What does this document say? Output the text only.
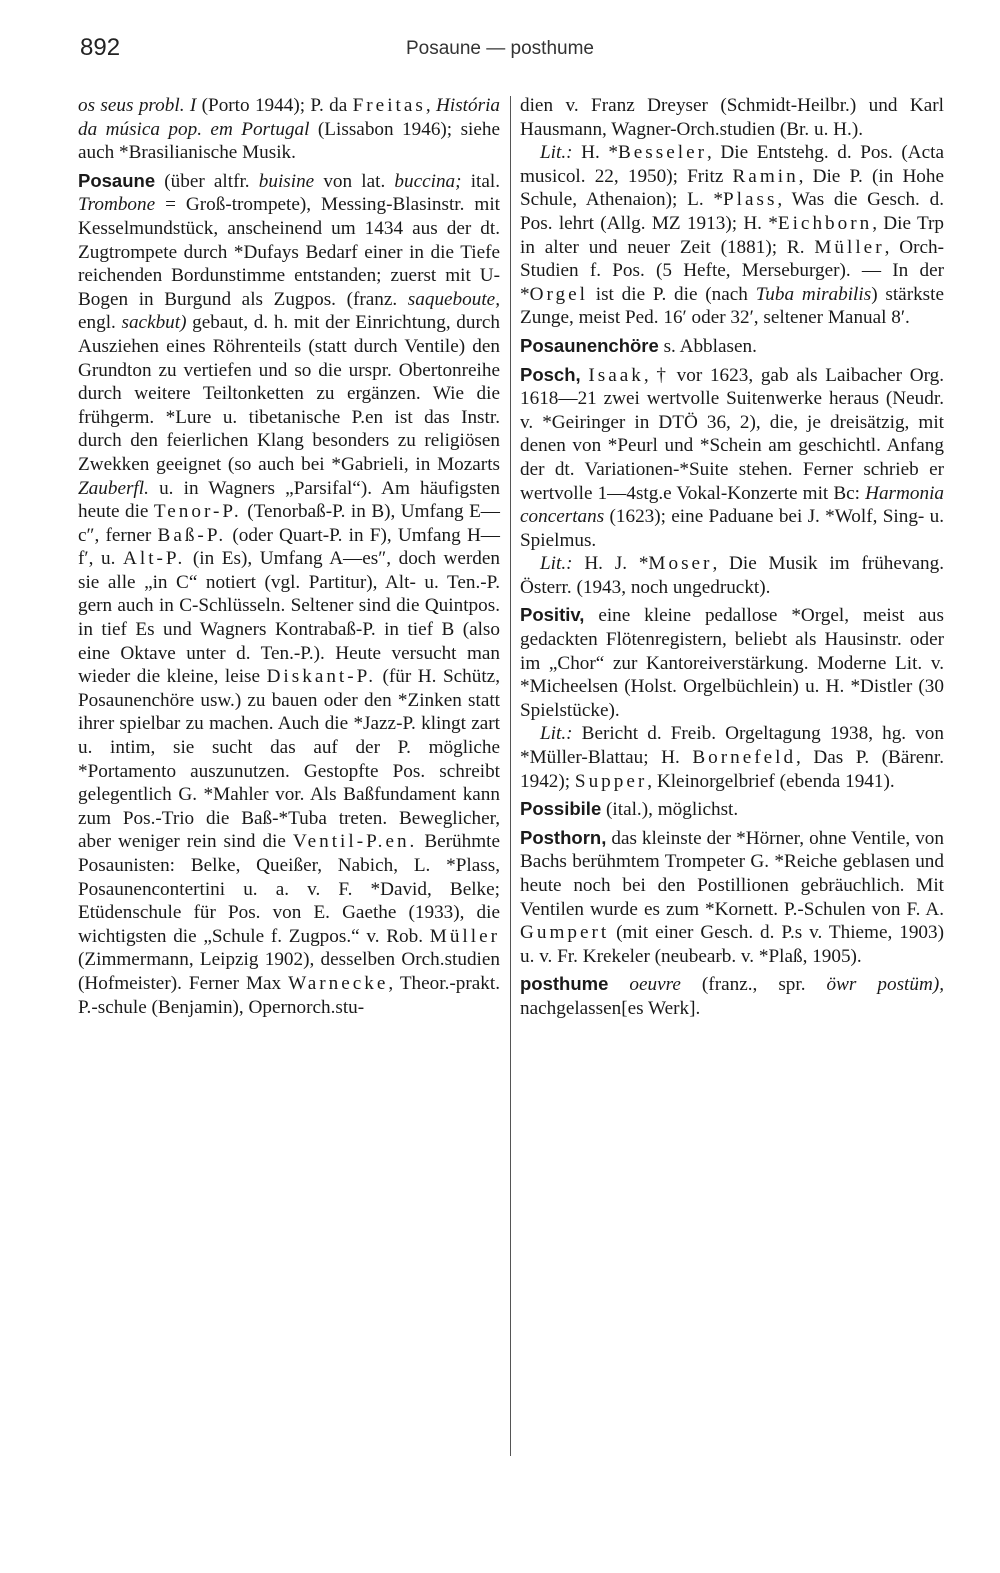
892	Posaune — posthume

os seus probl. I (Porto 1944); P. da Freitas, História da música pop. em Portugal (Lissabon 1946); siehe auch *Brasilianische Musik.

Posaune (über altfr. buisine von lat. buccina; ital. Trombone = Groß-trompete), Messing-Blasinstr. mit Kesselmundstück, anscheinend um 1434 aus der dt. Zugtrompete durch *Dufays Bedarf einer in die Tiefe reichenden Bordunstimme entstanden; zuerst mit U-Bogen in Burgund als Zugpos. (franz. saqueboute, engl. sackbut) gebaut, d. h. mit der Einrichtung, durch Ausziehen eines Röhrenteils (statt durch Ventile) den Grundton zu vertiefen und so die urspr. Obertonreihe durch weitere Teiltonketten zu ergänzen. Wie die frühgerm. *Lure u. tibetanische P.en ist das Instr. durch den feierlichen Klang besonders zu religiösen Zwekken geeignet (so auch bei *Gabrieli, in Mozarts Zauberfl. u. in Wagners „Parsifal“). Am häufigsten heute die Tenor-P. (Tenorbaß-P. in B), Umfang E—c″, ferner Baß-P. (oder Quart-P. in F), Umfang H—f′, u. Alt-P. (in Es), Umfang A—es″, doch werden sie alle „in C“ notiert (vgl. Partitur), Alt- u. Ten.-P. gern auch in C-Schlüsseln. Seltener sind die Quintpos. in tief Es und Wagners Kontrabaß-P. in tief B (also eine Oktave unter d. Ten.-P.). Heute versucht man wieder die kleine, leise Diskant-P. (für H. Schütz, Posaunenchöre usw.) zu bauen oder den *Zinken statt ihrer spielbar zu machen. Auch die *Jazz-P. klingt zart u. intim, sie sucht das auf der P. mögliche *Portamento auszunutzen. Gestopfte Pos. schreibt gelegentlich G. *Mahler vor. Als Baßfundament kann zum Pos.-Trio die Baß-*Tuba treten. Beweglicher, aber weniger rein sind die Ventil-P.en. Berühmte Posaunisten: Belke, Queißer, Nabich, L. *Plass, Posaunencontertini u. a. v. F. *David, Belke; Etüdenschule für Pos. von E. Gaethe (1933), die wichtigsten die „Schule f. Zugpos.“ v. Rob. Müller (Zimmermann, Leipzig 1902), desselben Orch.studien (Hofmeister). Ferner Max Warnecke, Theor.-prakt. P.-schule (Benjamin), Opernorch.stu-

dien v. Franz Dreyser (Schmidt-Heilbr.) und Karl Hausmann, Wagner-Orch.studien (Br. u. H.).

Lit.: H. *Besseler, Die Entstehg. d. Pos. (Acta musicol. 22, 1950); Fritz Ramin, Die P. (in Hohe Schule, Athenaion); L. *Plass, Was die Gesch. d. Pos. lehrt (Allg. MZ 1913); H. *Eichborn, Die Trp in alter und neuer Zeit (1881); R. Müller, Orch-Studien f. Pos. (5 Hefte, Merseburger). — In der *Orgel ist die P. die (nach Tuba mirabilis) stärkste Zunge, meist Ped. 16′ oder 32′, seltener Manual 8′.

Posaunenchöre s. Abblasen.

Posch, Isaak, † vor 1623, gab als Laibacher Org. 1618—21 zwei wertvolle Suitenwerke heraus (Neudr. v. *Geiringer in DTÖ 36, 2), die, je dreisätzig, mit denen von *Peurl und *Schein am geschichtl. Anfang der dt. Variationen-*Suite stehen. Ferner schrieb er wertvolle 1—4stg.e Vokal-Konzerte mit Bc: Harmonia concertans (1623); eine Paduane bei J. *Wolf, Sing- u. Spielmus.

Lit.: H. J. *Moser, Die Musik im frühevang. Österr. (1943, noch ungedruckt).

Positiv, eine kleine pedallose *Orgel, meist aus gedackten Flötenregistern, beliebt als Hausinstr. oder im „Chor“ zur Kantoreiverstärkung. Moderne Lit. v. *Micheelsen (Holst. Orgelbüchlein) u. H. *Distler (30 Spielstücke).

Lit.: Bericht d. Freib. Orgeltagung 1938, hg. von *Müller-Blattau; H. Bornefeld, Das P. (Bärenr. 1942); Supper, Kleinorgelbrief (ebenda 1941).

Possibile (ital.), möglichst.

Posthorn, das kleinste der *Hörner, ohne Ventile, von Bachs berühmtem Trompeter G. *Reiche geblasen und heute noch bei den Postillionen gebräuchlich. Mit Ventilen wurde es zum *Kornett. P.-Schulen von F. A. Gumpert (mit einer Gesch. d. P.s v. Thieme, 1903) u. v. Fr. Krekeler (neubearb. v. *Plaß, 1905).

posthume oeuvre (franz., spr. öwr postüm), nachgelassen[es Werk].
